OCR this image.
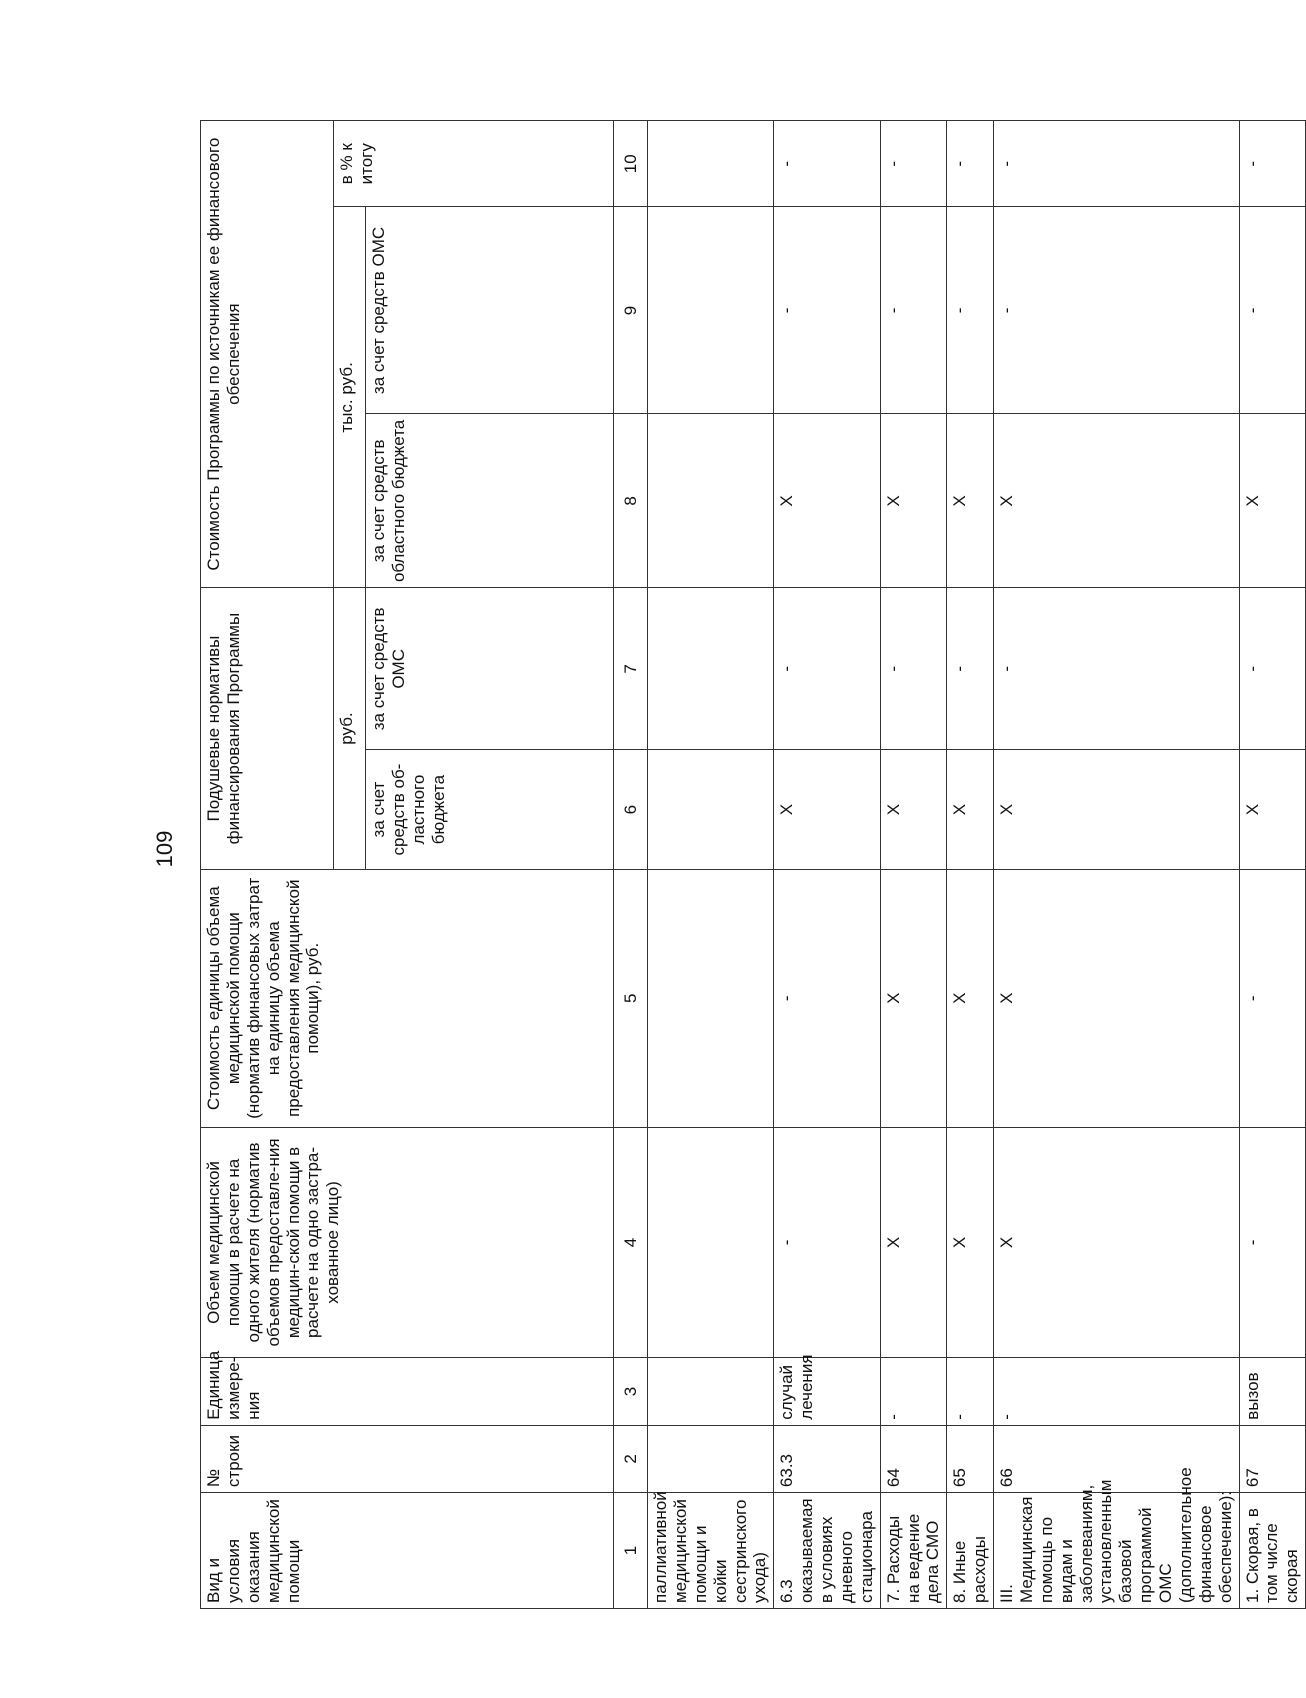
109
Вид и условия оказания медицинской помощи	№ строки	Единица измере-ния	Объем медицинской помощи в расчете на одного жителя (норматив объемов предоставле-ния медицин-ской помощи в расчете на одно застра-хованное лицо)	Стоимость единицы объема медицинской помощи (норматив финансовых затрат на единицу объема предоставления медицинской помощи), руб.	Подушевые нормативы финансирования Программы		Стоимость Программы по источникам ее финансового обеспечения		
					руб.		тыс. руб.		в % к итогу
					за счет средств об-ластного бюджета	за счет средств ОМС	за счет средств областного бюджета	за счет средств ОМС	
1	2	3	4	5	6	7	8	9	10
паллиативной медицинской помощи и койки сестринского ухода)									
6.3 оказываемая в условиях дневного стационара	63.3	случай лечения	-	-	X	-	X	-	-
7. Расходы на ведение дела СМО	64	-	X	X	X	-	X	-	-
8. Иные расходы	65	-	X	X	X	-	X	-	-
III. Медицинская помощь по видам и заболеваниям, установленным базовой программой ОМС (дополнительное финансовое обеспечение):	66	-	X	X	X	-	X	-	-
1. Скорая, в том числе скорая	67	вызов	-	-	X	-	X	-	-
